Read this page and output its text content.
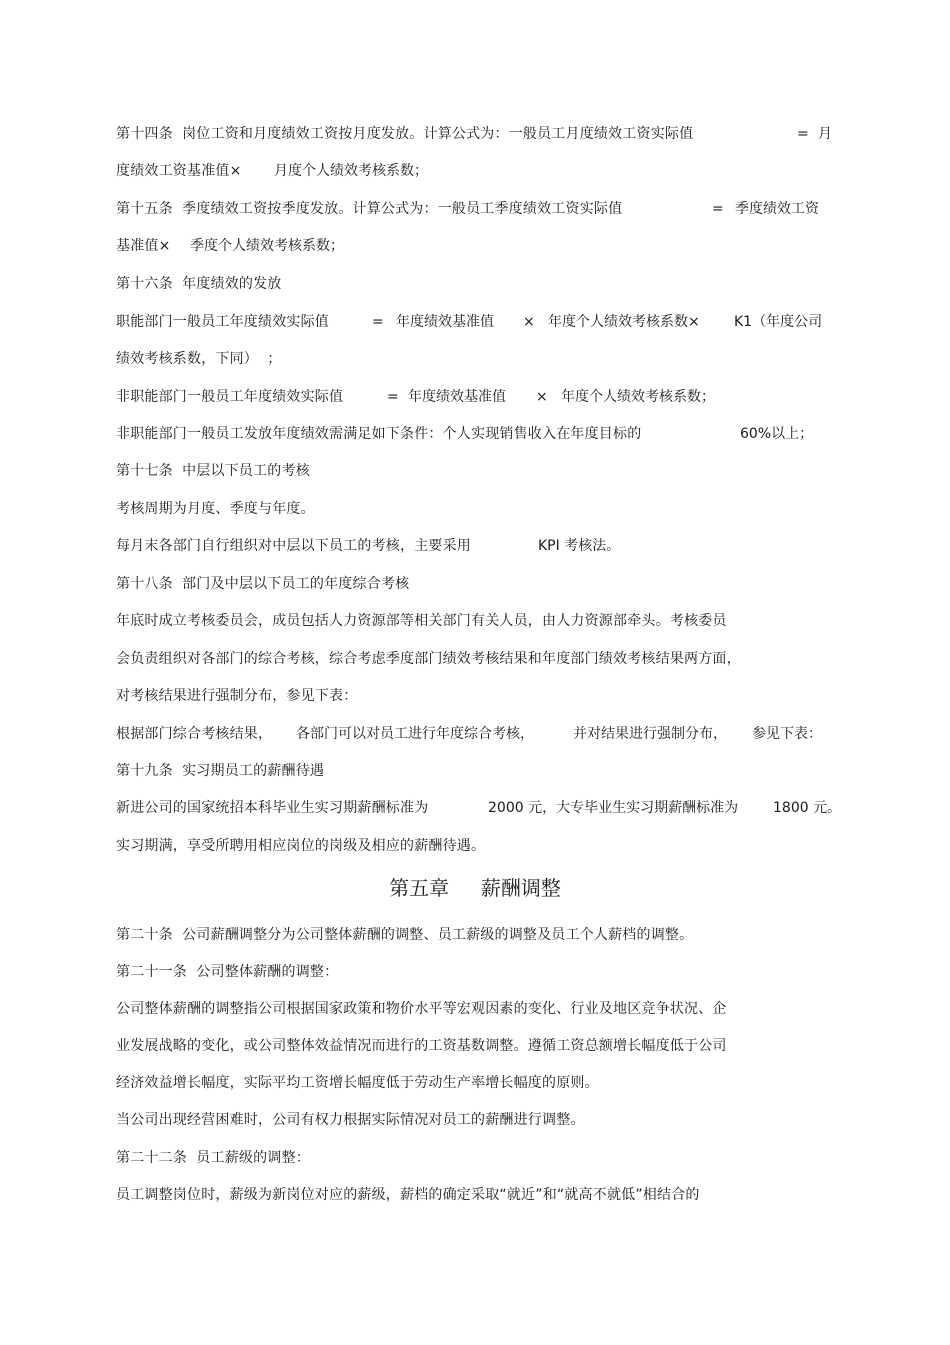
第十四条  岗位工资和月度绩效工资按月度发放。计算公式为：一般员工月度绩效工资实际值	= 月
度绩效工资基准值× 月度个人绩效考核系数；
第十五条  季度绩效工资按季度发放。计算公式为：一般员工季度绩效工资实际值	= 季度绩效工资
基准值× 季度个人绩效考核系数；
第十六条  年度绩效的发放
职能部门一般员工年度绩效实际值	= 年度绩效基准值 × 年度个人绩效考核系数× K1（年度公司
绩效考核系数，下同）  ；
非职能部门一般员工年度绩效实际值	= 年度绩效基准值 × 年度个人绩效考核系数；
非职能部门一般员工发放年度绩效需满足如下条件：个人实现销售收入在年度目标的	60%以上；
第十七条  中层以下员工的考核
考核周期为月度、季度与年度。
每月末各部门自行组织对中层以下员工的考核，主要采用	KPI 考核法。
第十八条  部门及中层以下员工的年度综合考核
年底时成立考核委员会，成员包括人力资源部等相关部门有关人员，由人力资源部牵头。考核委员
会负责组织对各部门的综合考核，综合考虑季度部门绩效考核结果和年度部门绩效考核结果两方面，
对考核结果进行强制分布，参见下表：
根据部门综合考核结果， 各部门可以对员工进行年度综合考核，	并对结果进行强制分布， 参见下表：
第十九条  实习期员工的薪酬待遇
新进公司的国家统招本科毕业生实习期薪酬标准为	2000 元，大专毕业生实习期薪酬标准为 1800 元。
实习期满，享受所聘用相应岗位的岗级及相应的薪酬待遇。
第五章     薪酬调整
第二十条  公司薪酬调整分为公司整体薪酬的调整、员工薪级的调整及员工个人薪档的调整。
第二十一条  公司整体薪酬的调整：
公司整体薪酬的调整指公司根据国家政策和物价水平等宏观因素的变化、行业及地区竞争状况、企
业发展战略的变化，或公司整体效益情况而进行的工资基数调整。遵循工资总额增长幅度低于公司
经济效益增长幅度，实际平均工资增长幅度低于劳动生产率增长幅度的原则。
当公司出现经营困难时，公司有权力根据实际情况对员工的薪酬进行调整。
第二十二条  员工薪级的调整：
员工调整岗位时，薪级为新岗位对应的薪级，薪档的确定采取“就近”和“就高不就低”相结合的
